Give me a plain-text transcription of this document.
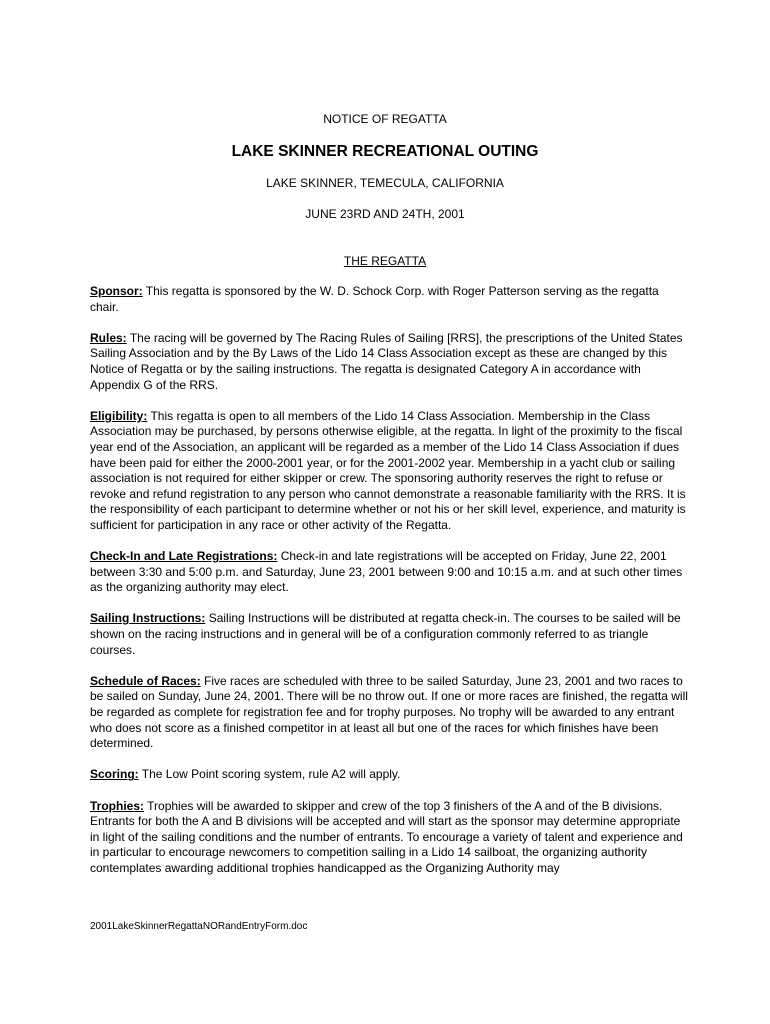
NOTICE OF REGATTA
LAKE SKINNER RECREATIONAL OUTING
LAKE SKINNER, TEMECULA, CALIFORNIA
JUNE 23RD AND 24TH, 2001
THE REGATTA

Sponsor: This regatta is sponsored by the W. D. Schock Corp. with Roger Patterson serving as the regatta chair.

Rules: The racing will be governed by The Racing Rules of Sailing [RRS], the prescriptions of the United States Sailing Association and by the By Laws of the Lido 14 Class Association except as these are changed by this Notice of Regatta or by the sailing instructions. The regatta is designated Category A in accordance with Appendix G of the RRS.

Eligibility: This regatta is open to all members of the Lido 14 Class Association. Membership in the Class Association may be purchased, by persons otherwise eligible, at the regatta. In light of the proximity to the fiscal year end of the Association, an applicant will be regarded as a member of the Lido 14 Class Association if dues have been paid for either the 2000-2001 year, or for the 2001-2002 year. Membership in a yacht club or sailing association is not required for either skipper or crew. The sponsoring authority reserves the right to refuse or revoke and refund registration to any person who cannot demonstrate a reasonable familiarity with the RRS. It is the responsibility of each participant to determine whether or not his or her skill level, experience, and maturity is sufficient for participation in any race or other activity of the Regatta.

Check-In and Late Registrations: Check-in and late registrations will be accepted on Friday, June 22, 2001 between 3:30 and 5:00 p.m. and Saturday, June 23, 2001 between 9:00 and 10:15 a.m. and at such other times as the organizing authority may elect.

Sailing Instructions: Sailing Instructions will be distributed at regatta check-in. The courses to be sailed will be shown on the racing instructions and in general will be of a configuration commonly referred to as triangle courses.

Schedule of Races: Five races are scheduled with three to be sailed Saturday, June 23, 2001 and two races to be sailed on Sunday, June 24, 2001. There will be no throw out. If one or more races are finished, the regatta will be regarded as complete for registration fee and for trophy purposes. No trophy will be awarded to any entrant who does not score as a finished competitor in at least all but one of the races for which finishes have been determined.

Scoring: The Low Point scoring system, rule A2 will apply.

Trophies: Trophies will be awarded to skipper and crew of the top 3 finishers of the A and of the B divisions. Entrants for both the A and B divisions will be accepted and will start as the sponsor may determine appropriate in light of the sailing conditions and the number of entrants. To encourage a variety of talent and experience and in particular to encourage newcomers to competition sailing in a Lido 14 sailboat, the organizing authority contemplates awarding additional trophies handicapped as the Organizing Authority may

2001LakeSkinnerRegattaNORandEntryForm.doc
